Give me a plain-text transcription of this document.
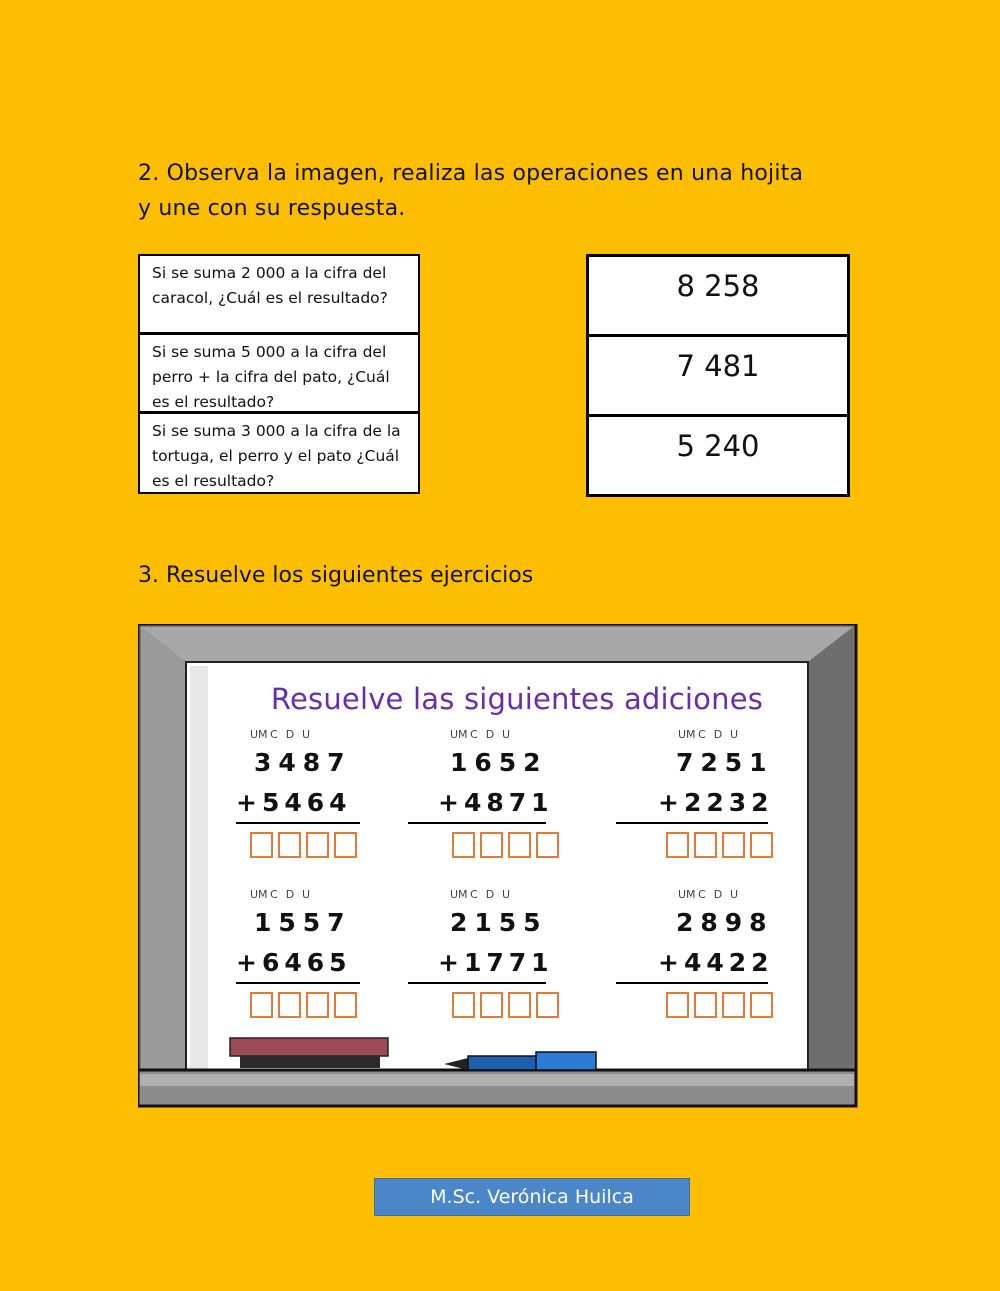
2. Observa la imagen, realiza las operaciones en una hojita
y une con su respuesta.
Si se suma 2 000 a la cifra del caracol, ¿Cuál es el resultado?
Si se suma 5 000 a la cifra del perro + la cifra del pato, ¿Cuál es el resultado?
Si se suma 3 000 a la cifra de la tortuga, el perro y el pato ¿Cuál es el resultado?
8 258
7 481
5 240
3. Resuelve los siguientes ejercicios
Resuelve las siguientes adiciones
UM C D U
3487
+5464
UM C D U
1652
+4871
UM C D U
7251
+2232
UM C D U
1557
+6465
UM C D U
2155
+1771
UM C D U
2898
+4422
M.Sc. Verónica Huilca
